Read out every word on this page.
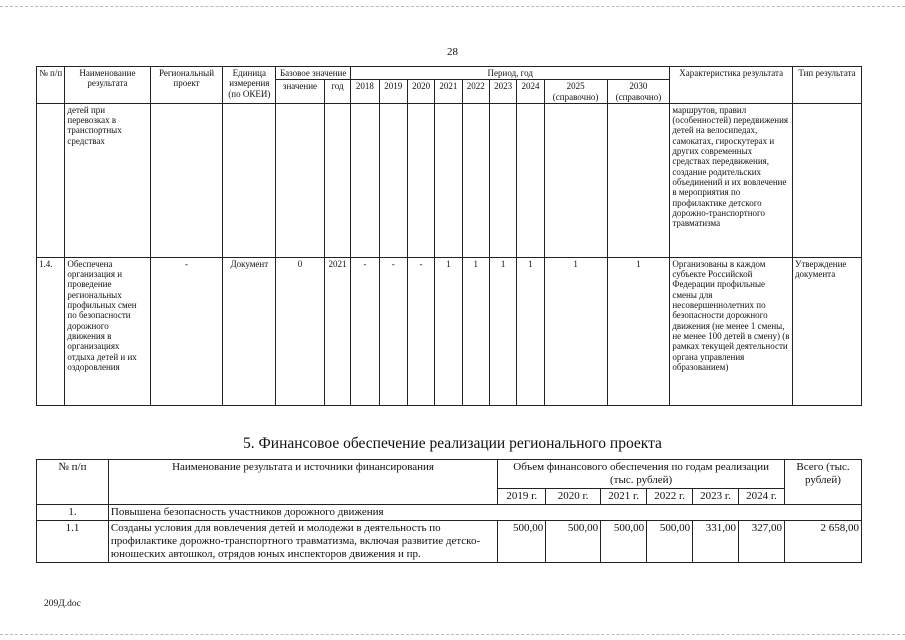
28
№ п/п	Наименование результата	Региональный проект	Единица измерения (по ОКЕИ)	Базовое значение		Период, год									Характеристика результата	Тип результата
				значение	год	2018	2019	2020	2021	2022	2023	2024	2025 (справочно)	2030 (справочно)		
	детей при перевозках в транспортных средствах														маршрутов, правил (особенностей) передвижения детей на велосипедах, самокатах, гироскутерах и других современных средствах передвижения, создание родительских объединений и их вовлечение в мероприятия по профилактике детского дорожно-транспортного травматизма	
1.4.	Обеспечена организация и проведение региональных профильных смен по безопасности дорожного движения в организациях отдыха детей и их оздоровления	-	Документ	0	2021	-	-	-	1	1	1	1	1	1	Организованы в каждом субъекте Российской Федерации профильные смены для несовершеннолетних по безопасности дорожного движения (не менее 1 смены, не менее 100 детей в смену) (в рамках текущей деятельности органа управления образованием)	Утверждение документа
5. Финансовое обеспечение реализации регионального проекта
№ п/п	Наименование результата и источники финансирования	Объем финансового обеспечения по годам реализации (тыс. рублей)						Всего (тыс. рублей)
		2019 г.	2020 г.	2021 г.	2022 г.	2023 г.	2024 г.	
1.	Повышена безопасность участников дорожного движения							
1.1	Созданы условия для вовлечения детей и молодежи в деятельность по профилактике дорожно-транспортного травматизма, включая развитие детско-юношеских автошкол, отрядов юных инспекторов движения и пр.	500,00	500,00	500,00	500,00	331,00	327,00	2 658,00
209Д.doc
